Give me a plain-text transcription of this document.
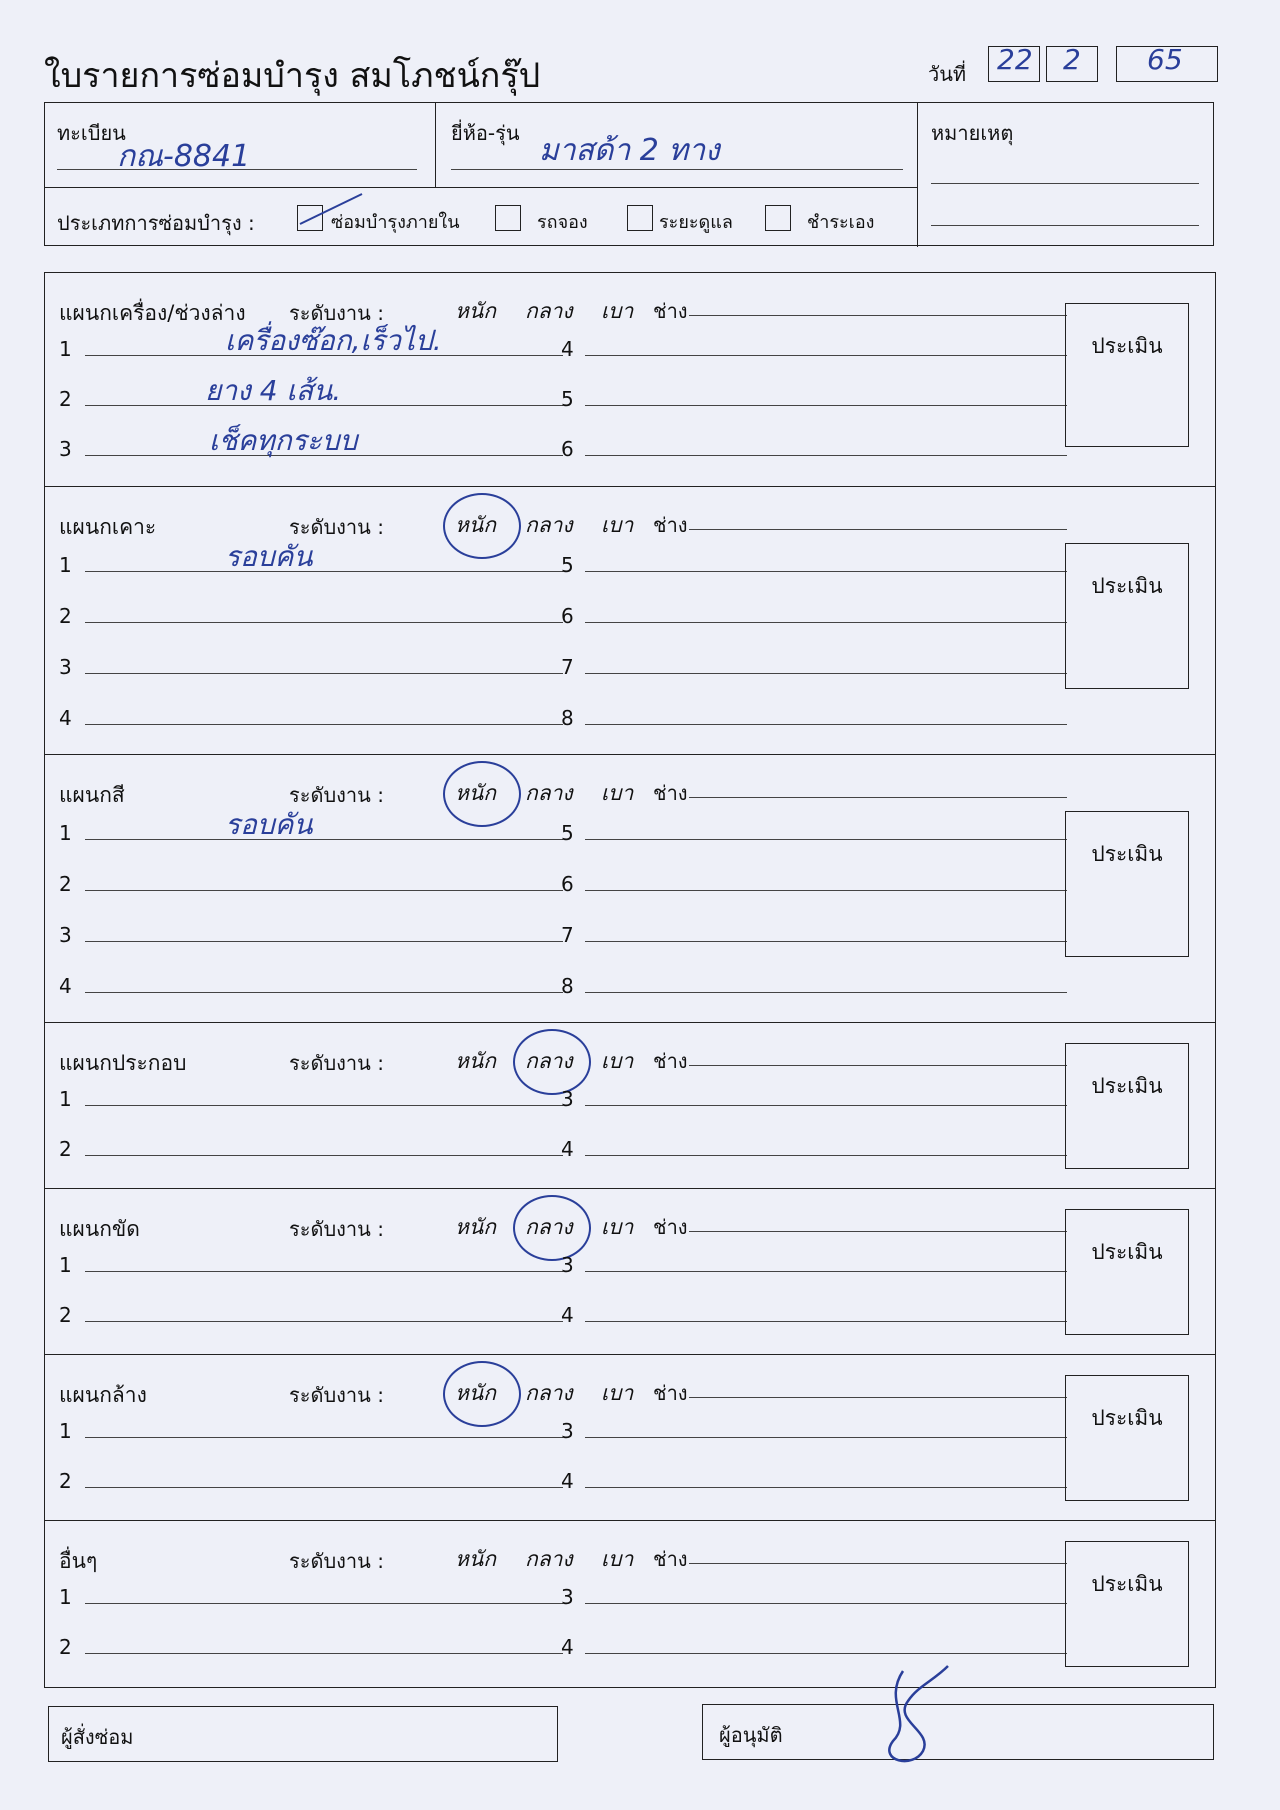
ใบรายการซ่อมบำรุง สมโภชน์กรุ๊ป	วันที่ 22 2 65
ทะเบียน
กณ-8841
ยี่ห้อ-รุ่น มาสด้า 2 ทาง	หมายเหตุ
ประเภทการซ่อมบำรุง :	ซ่อมบำรุงภายใน	รถจอง	ระยะดูแล	ชำระเอง
แผนกเครื่อง/ช่วงล่าง ระดับงาน :	หนัก กลาง เบา ช่าง
1	4
2	5
3	6
เครื่องซ๊อก,เร็วไป.
ยาง 4 เส้น.
เช็คทุกระบบ
ประเมิน
แผนกเคาะ	ระดับงาน :	หนัก กลาง เบา ช่าง
1	5
2	6
3	7
4	8
รอบคัน
ประเมิน
แผนกสี	ระดับงาน :	หนัก กลาง เบา ช่าง
1	5
2	6
3	7
4	8
รอบคัน
ประเมิน
แผนกประกอบ	ระดับงาน :	หนัก กลาง เบา ช่าง
1	3
2	4
ประเมิน
แผนกขัด	ระดับงาน :	หนัก กลาง เบา ช่าง
1	3
2	4
ประเมิน
แผนกล้าง	ระดับงาน :	หนัก กลาง เบา ช่าง
1	3
2	4
ประเมิน
อื่นๆ	ระดับงาน :	หนัก กลาง เบา ช่าง
1	3
2	4
ประเมิน
ผู้สั่งซ่อม	ผู้อนุมัติ
